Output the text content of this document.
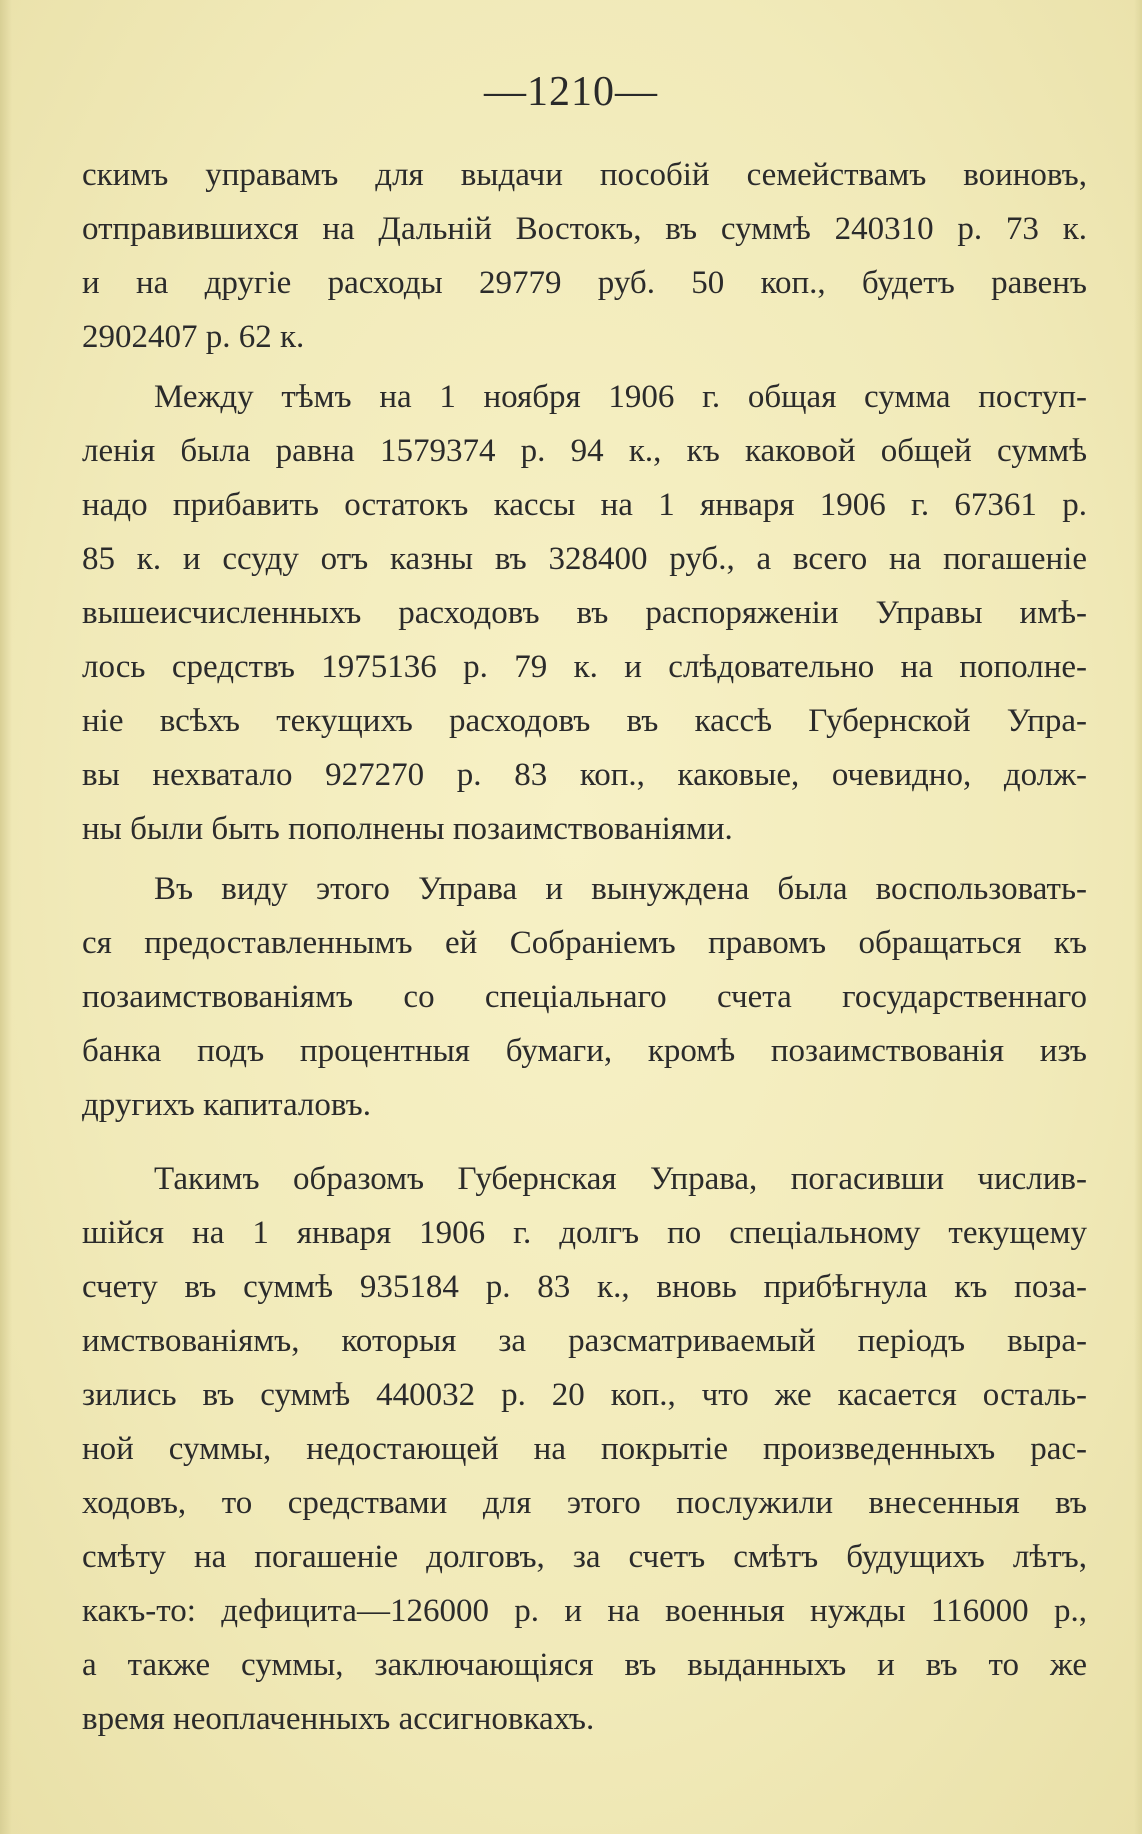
—1210—
скимъ управамъ для выдачи пособій семействамъ воиновъ,
отправившихся на Дальній Востокъ, въ суммѣ 240310 р. 73 к.
и на другіе расходы 29779 руб. 50 коп., будетъ равенъ
2902407 р. 62 к.
Между тѣмъ на 1 ноября 1906 г. общая сумма поступ-
ленія была равна 1579374 р. 94 к., къ каковой общей суммѣ
надо прибавить остатокъ кассы на 1 января 1906 г. 67361 р.
85 к. и ссуду отъ казны въ 328400 руб., а всего на погашеніе
вышеисчисленныхъ расходовъ въ распоряженіи Управы имѣ-
лось средствъ 1975136 р. 79 к. и слѣдовательно на пополне-
ніе всѣхъ текущихъ расходовъ въ кассѣ Губернской Упра-
вы нехватало 927270 р. 83 коп., каковые, очевидно, долж-
ны были быть пополнены позаимствованіями.
Въ виду этого Управа и вынуждена была воспользовать-
ся предоставленнымъ ей Собраніемъ правомъ обращаться къ
позаимствованіямъ со спеціальнаго счета государственнаго
банка подъ процентныя бумаги, кромѣ позаимствованія изъ
другихъ капиталовъ.
Такимъ образомъ Губернская Управа, погасивши числив-
шійся на 1 января 1906 г. долгъ по спеціальному текущему
счету въ суммѣ 935184 р. 83 к., вновь прибѣгнула къ поза-
имствованіямъ, которыя за разсматриваемый періодъ выра-
зились въ суммѣ 440032 р. 20 коп., что же касается осталь-
ной суммы, недостающей на покрытіе произведенныхъ рас-
ходовъ, то средствами для этого послужили внесенныя въ
смѣту на погашеніе долговъ, за счетъ смѣтъ будущихъ лѣтъ,
какъ-то: дефицита—126000 р. и на военныя нужды 116000 р.,
а также суммы, заключающіяся въ выданныхъ и въ то же
время неоплаченныхъ ассигновкахъ.
